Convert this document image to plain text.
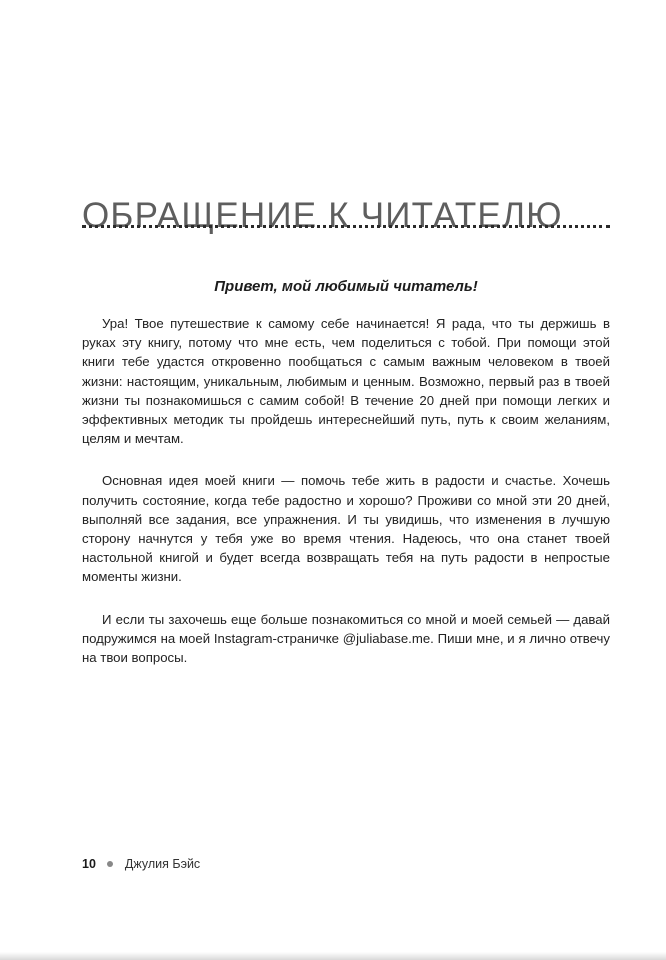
ОБРАЩЕНИЕ К ЧИТАТЕЛЮ
Привет, мой любимый читатель!

Ура! Твое путешествие к самому себе начинается! Я рада, что ты держишь в руках эту книгу, потому что мне есть, чем поделиться с тобой. При помощи этой книги тебе удастся откровенно пообщаться с самым важным человеком в твоей жизни: настоящим, уникальным, любимым и ценным. Возможно, первый раз в твоей жизни ты познакомишься с самим собой! В течение 20 дней при помощи легких и эффективных методик ты пройдешь интереснейший путь, путь к своим желаниям, целям и мечтам.

Основная идея моей книги — помочь тебе жить в радости и счастье. Хочешь получить состояние, когда тебе радостно и хорошо? Проживи со мной эти 20 дней, выполняй все задания, все упражнения. И ты увидишь, что изменения в лучшую сторону начнутся у тебя уже во время чтения. Надеюсь, что она станет твоей настольной книгой и будет всегда возвращать тебя на путь радости в непростые моменты жизни.

И если ты захочешь еще больше познакомиться со мной и моей семьей — давай подружимся на моей Instagram-страничке @juliabase.me. Пиши мне, и я лично отвечу на твои вопросы.

10 Джулия Бэйс
